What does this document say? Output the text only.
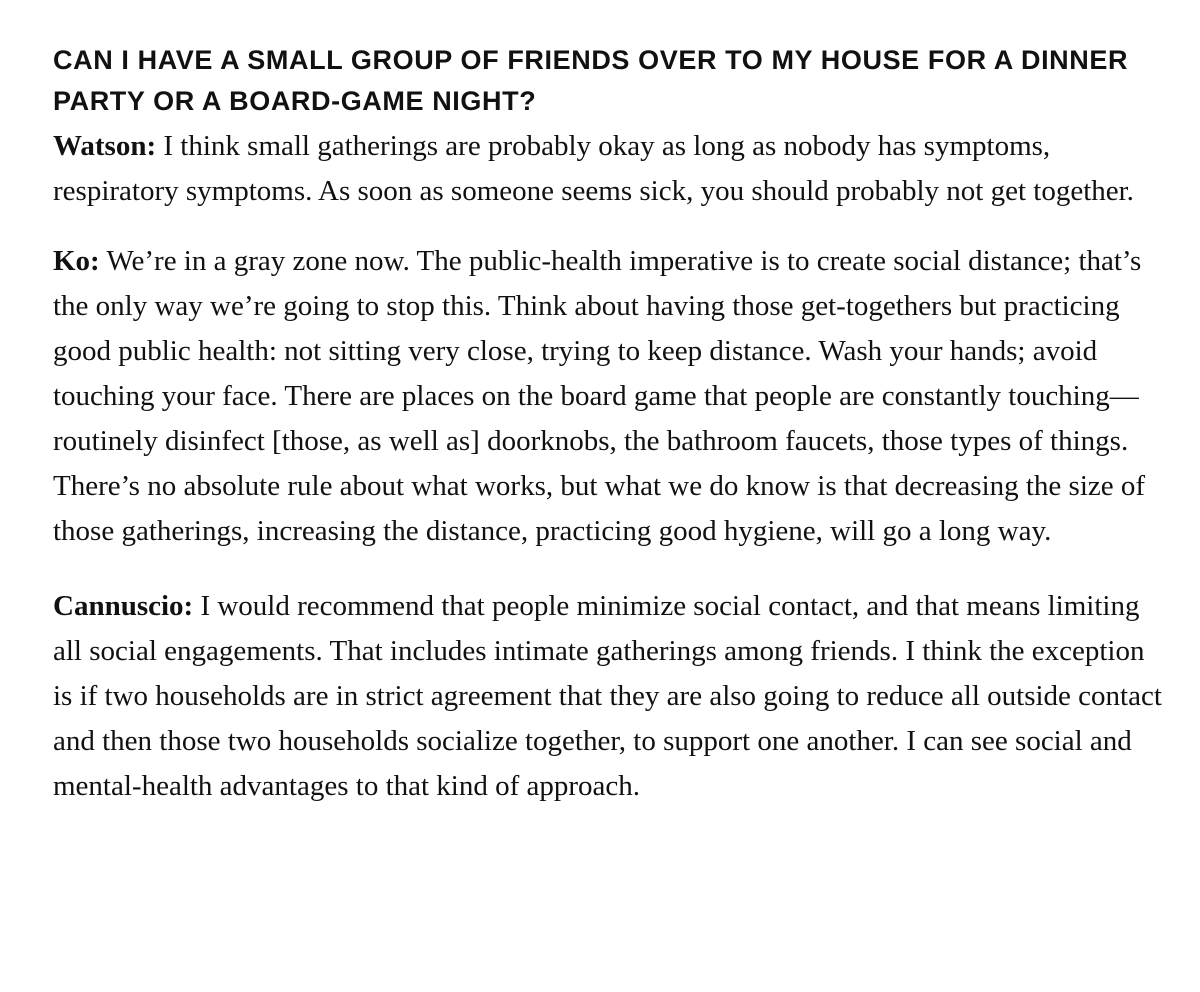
CAN I HAVE A SMALL GROUP OF FRIENDS OVER TO MY HOUSE FOR A DINNER PARTY OR A BOARD-GAME NIGHT?

Watson: I think small gatherings are probably okay as long as nobody has symptoms, respiratory symptoms. As soon as someone seems sick, you should probably not get together.

Ko: We’re in a gray zone now. The public-health imperative is to create social distance; that’s the only way we’re going to stop this. Think about having those get-togethers but practicing good public health: not sitting very close, trying to keep distance. Wash your hands; avoid touching your face. There are places on the board game that people are constantly touching—routinely disinfect [those, as well as] doorknobs, the bathroom faucets, those types of things. There’s no absolute rule about what works, but what we do know is that decreasing the size of those gatherings, increasing the distance, practicing good hygiene, will go a long way.

Cannuscio: I would recommend that people minimize social contact, and that means limiting all social engagements. That includes intimate gatherings among friends. I think the exception is if two households are in strict agreement that they are also going to reduce all outside contact and then those two households socialize together, to support one another. I can see social and mental-health advantages to that kind of approach.
